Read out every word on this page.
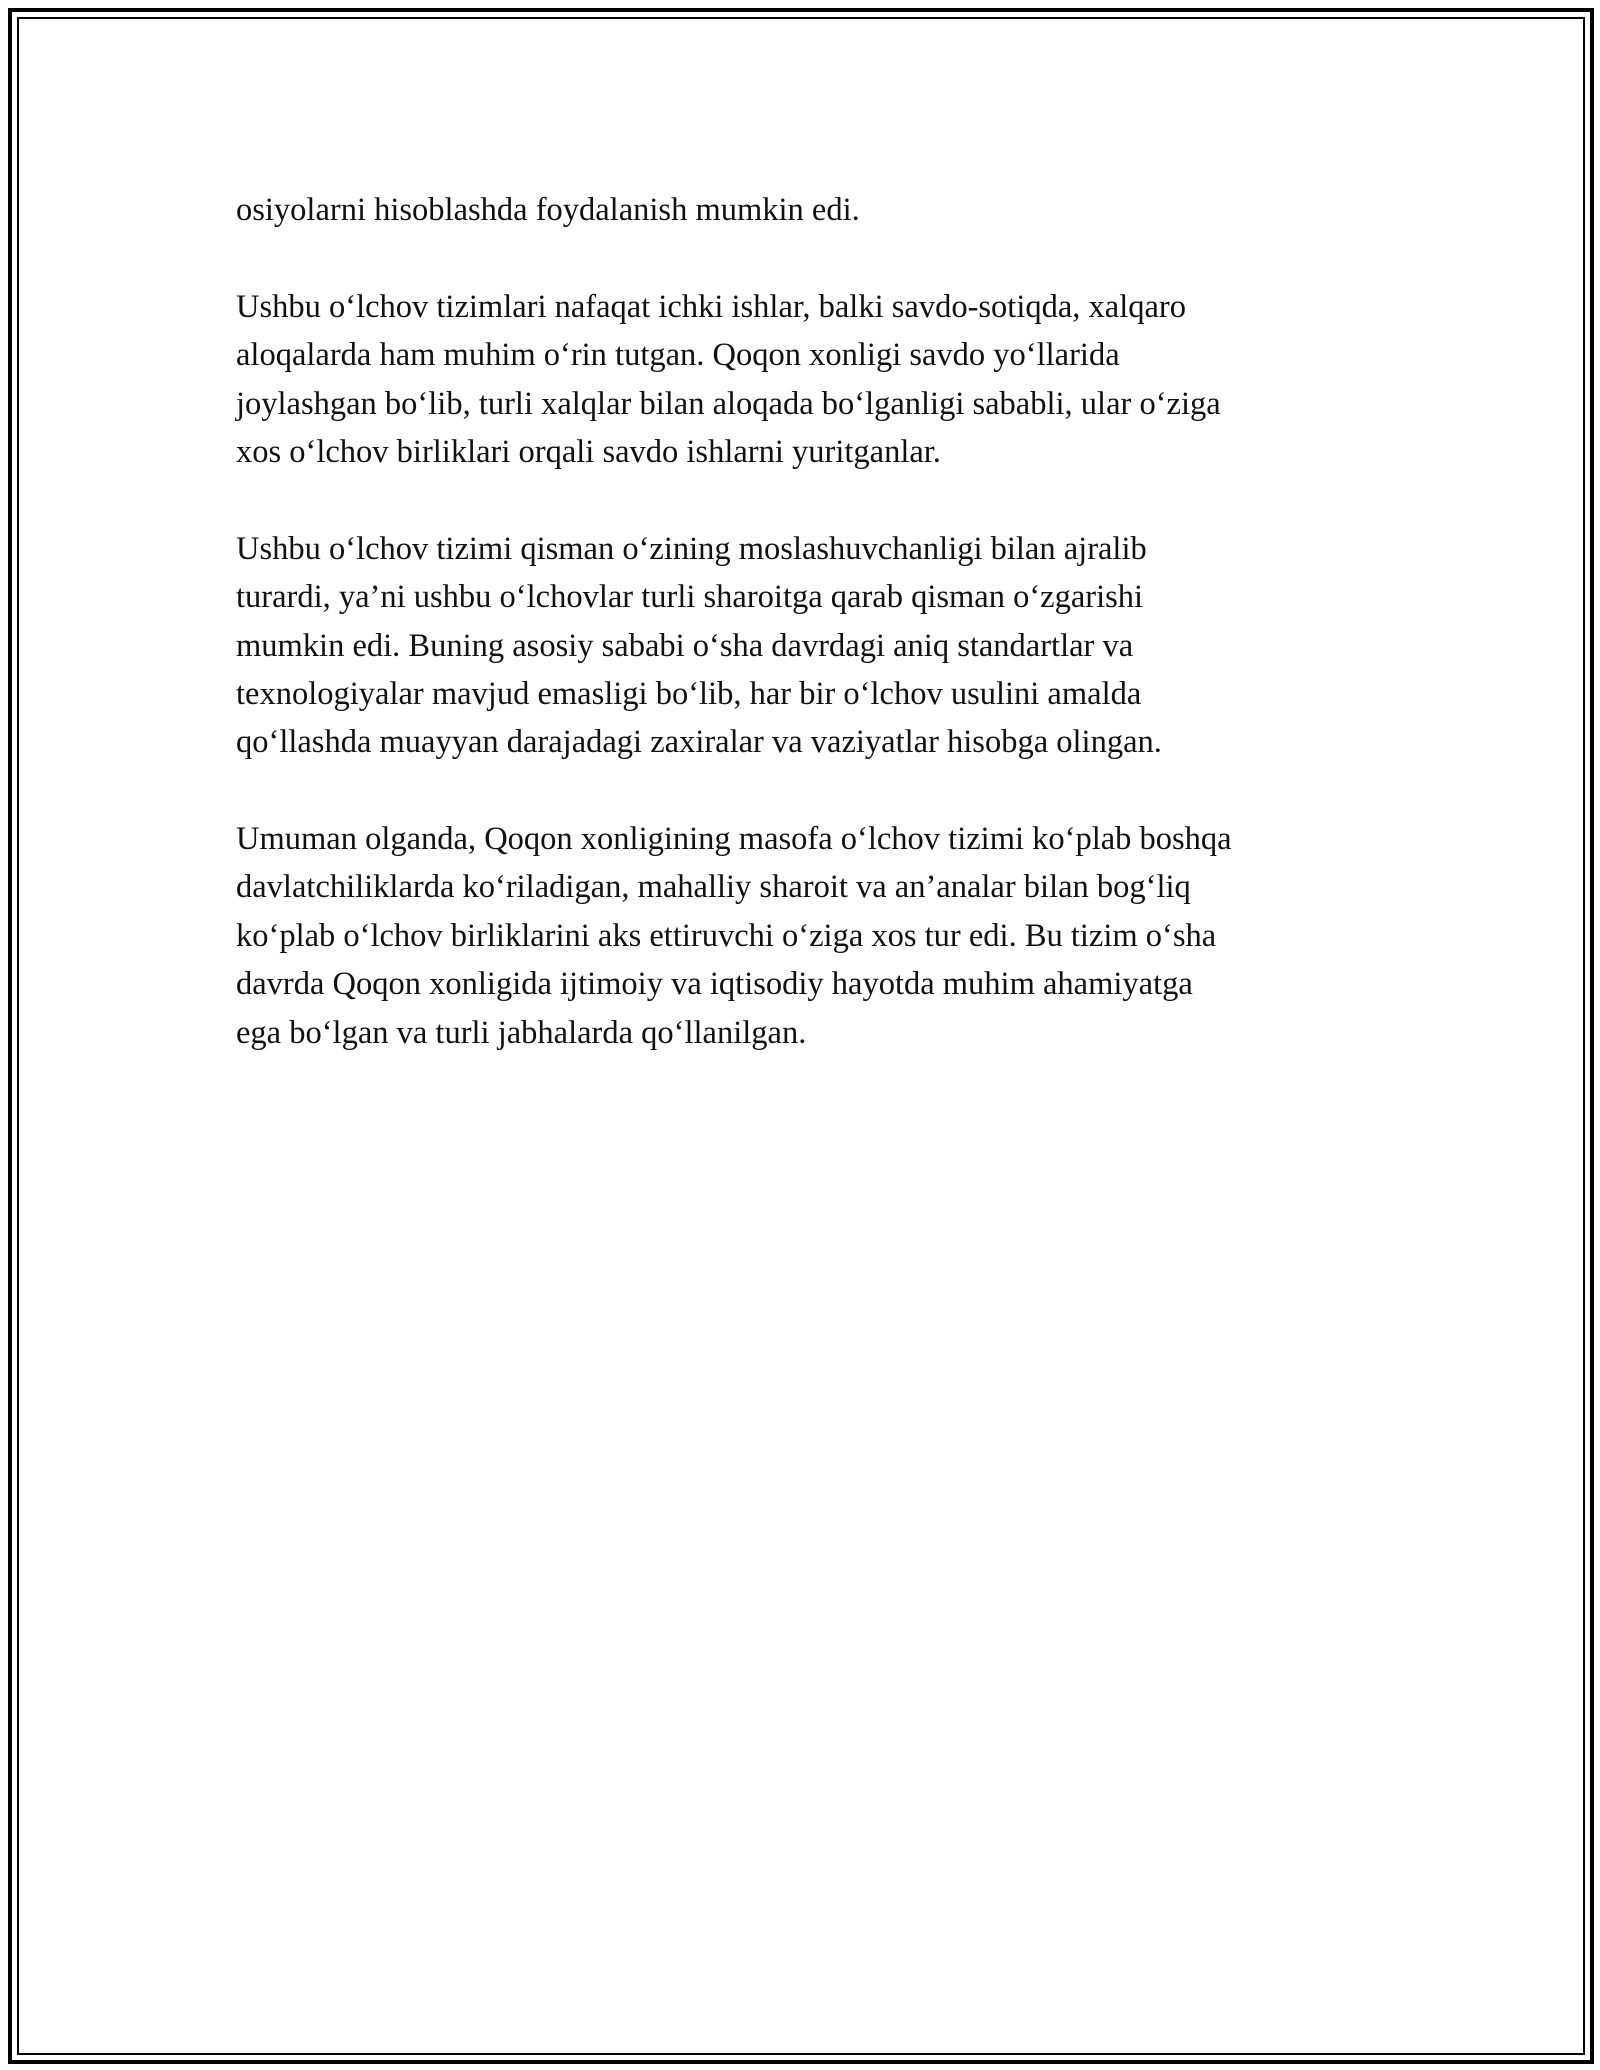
osiyolarni hisoblashda foydalanish mumkin edi.

Ushbu o‘lchov tizimlari nafaqat ichki ishlar, balki savdo-sotiqda, xalqaro
aloqalarda ham muhim o‘rin tutgan. Qoqon xonligi savdo yo‘llarida
joylashgan bo‘lib, turli xalqlar bilan aloqada bo‘lganligi sababli, ular o‘ziga
xos o‘lchov birliklari orqali savdo ishlarni yuritganlar.

Ushbu o‘lchov tizimi qisman o‘zining moslashuvchanligi bilan ajralib
turardi, ya’ni ushbu o‘lchovlar turli sharoitga qarab qisman o‘zgarishi
mumkin edi. Buning asosiy sababi o‘sha davrdagi aniq standartlar va
texnologiyalar mavjud emasligi bo‘lib, har bir o‘lchov usulini amalda
qo‘llashda muayyan darajadagi zaxiralar va vaziyatlar hisobga olingan.

Umuman olganda, Qoqon xonligining masofa o‘lchov tizimi ko‘plab boshqa
davlatchiliklarda ko‘riladigan, mahalliy sharoit va an’analar bilan bog‘liq
ko‘plab o‘lchov birliklarini aks ettiruvchi o‘ziga xos tur edi. Bu tizim o‘sha
davrda Qoqon xonligida ijtimoiy va iqtisodiy hayotda muhim ahamiyatga
ega bo‘lgan va turli jabhalarda qo‘llanilgan.
